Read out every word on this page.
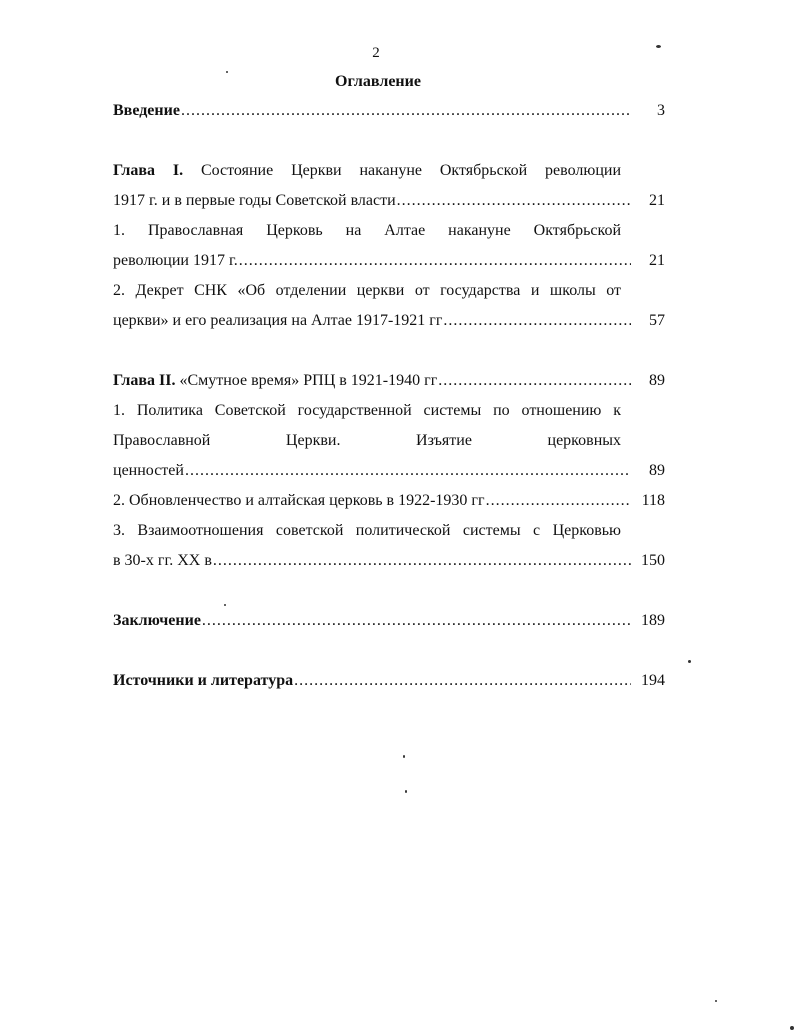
2
Оглавление
Введение .....	3
Глава I. Состояние Церкви накануне Октябрьской революции
1917 г. и в первые годы Советской власти .....	21
1. Православная Церковь на Алтае накануне Октябрьской
революции 1917 г. .....	21
2. Декрет СНК «Об отделении церкви от государства и школы от
церкви» и его реализация на Алтае 1917-1921 гг .....	57
Глава II. «Смутное время» РПЦ в 1921-1940 гг .....	89
1. Политика Советской государственной системы по отношению к
Православной Церкви. Изъятие церковных
ценностей .....	89
2. Обновленчество и алтайская церковь в 1922-1930 гг .....	118
3. Взаимоотношения советской политической системы с Церковью
в 30-х гг. XX в .....	150
Заключение .....	189
Источники и литература .....	194
